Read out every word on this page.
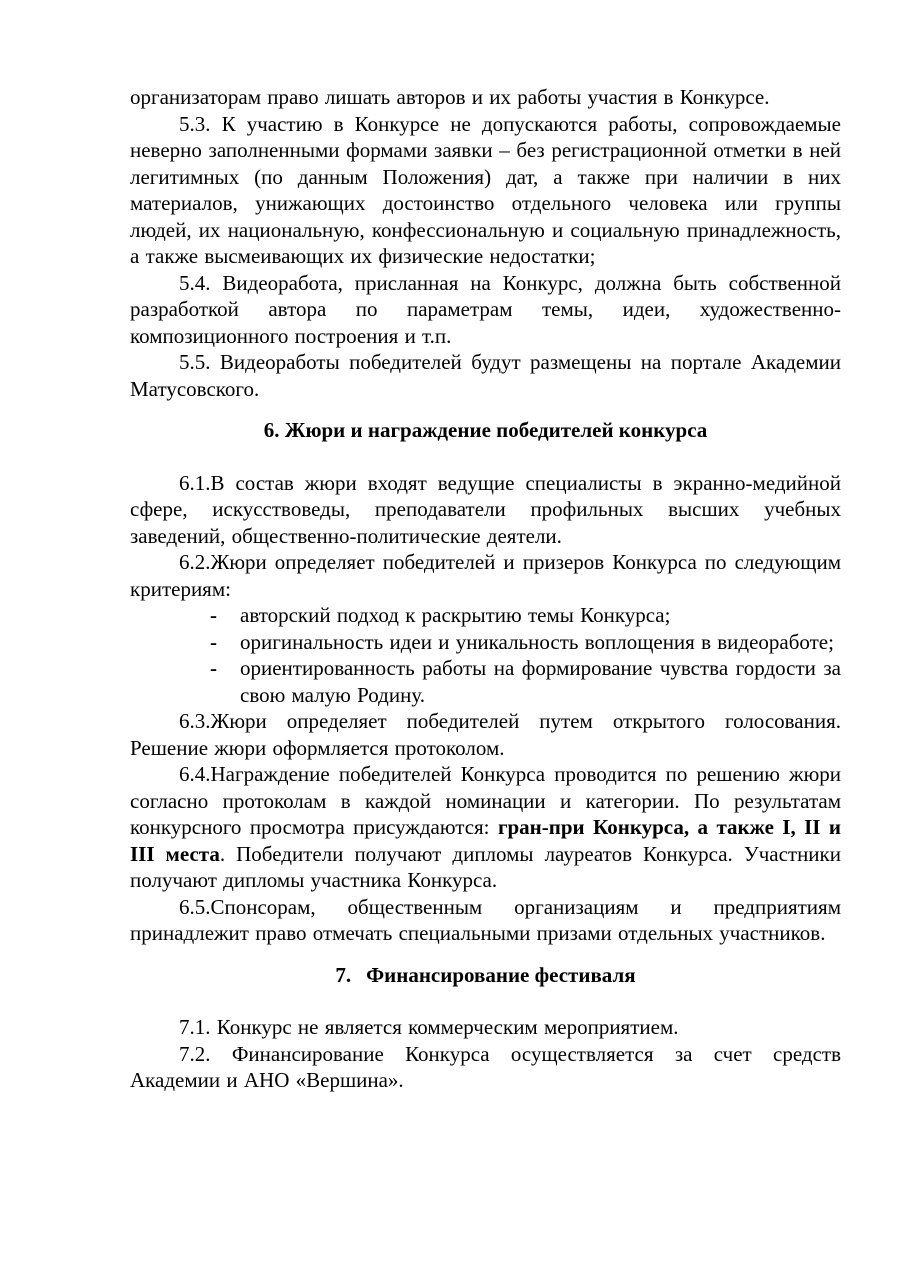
организаторам право лишать авторов и их работы участия в Конкурсе.

5.3. К участию в Конкурсе не допускаются работы, сопровождаемые неверно заполненными формами заявки – без регистрационной отметки в ней легитимных (по данным Положения) дат, а также при наличии в них материалов, унижающих достоинство отдельного человека или группы людей, их национальную, конфессиональную и социальную принадлежность, а также высмеивающих их физические недостатки;

5.4. Видеоработа, присланная на Конкурс, должна быть собственной разработкой автора по параметрам темы, идеи, художественно-композиционного построения и т.п.

5.5. Видеоработы победителей будут размещены на портале Академии Матусовского.

6. Жюри и награждение победителей конкурса

6.1.В состав жюри входят ведущие специалисты в экранно-медийной сфере, искусствоведы, преподаватели профильных высших учебных заведений, общественно-политические деятели.

6.2.Жюри определяет победителей и призеров Конкурса по следующим критериям:

- авторский подход к раскрытию темы Конкурса;
- оригинальность идеи и уникальность воплощения в видеоработе;
- ориентированность работы на формирование чувства гордости за свою малую Родину.

6.3.Жюри определяет победителей путем открытого голосования. Решение жюри оформляется протоколом.

6.4.Награждение победителей Конкурса проводится по решению жюри согласно протоколам в каждой номинации и категории. По результатам конкурсного просмотра присуждаются: гран-при Конкурса, а также I, II и III места. Победители получают дипломы лауреатов Конкурса. Участники получают дипломы участника Конкурса.

6.5.Спонсорам, общественным организациям и предприятиям принадлежит право отмечать специальными призами отдельных участников.

7. Финансирование фестиваля

7.1. Конкурс не является коммерческим мероприятием.

7.2. Финансирование Конкурса осуществляется за счет средств Академии и АНО «Вершина».
